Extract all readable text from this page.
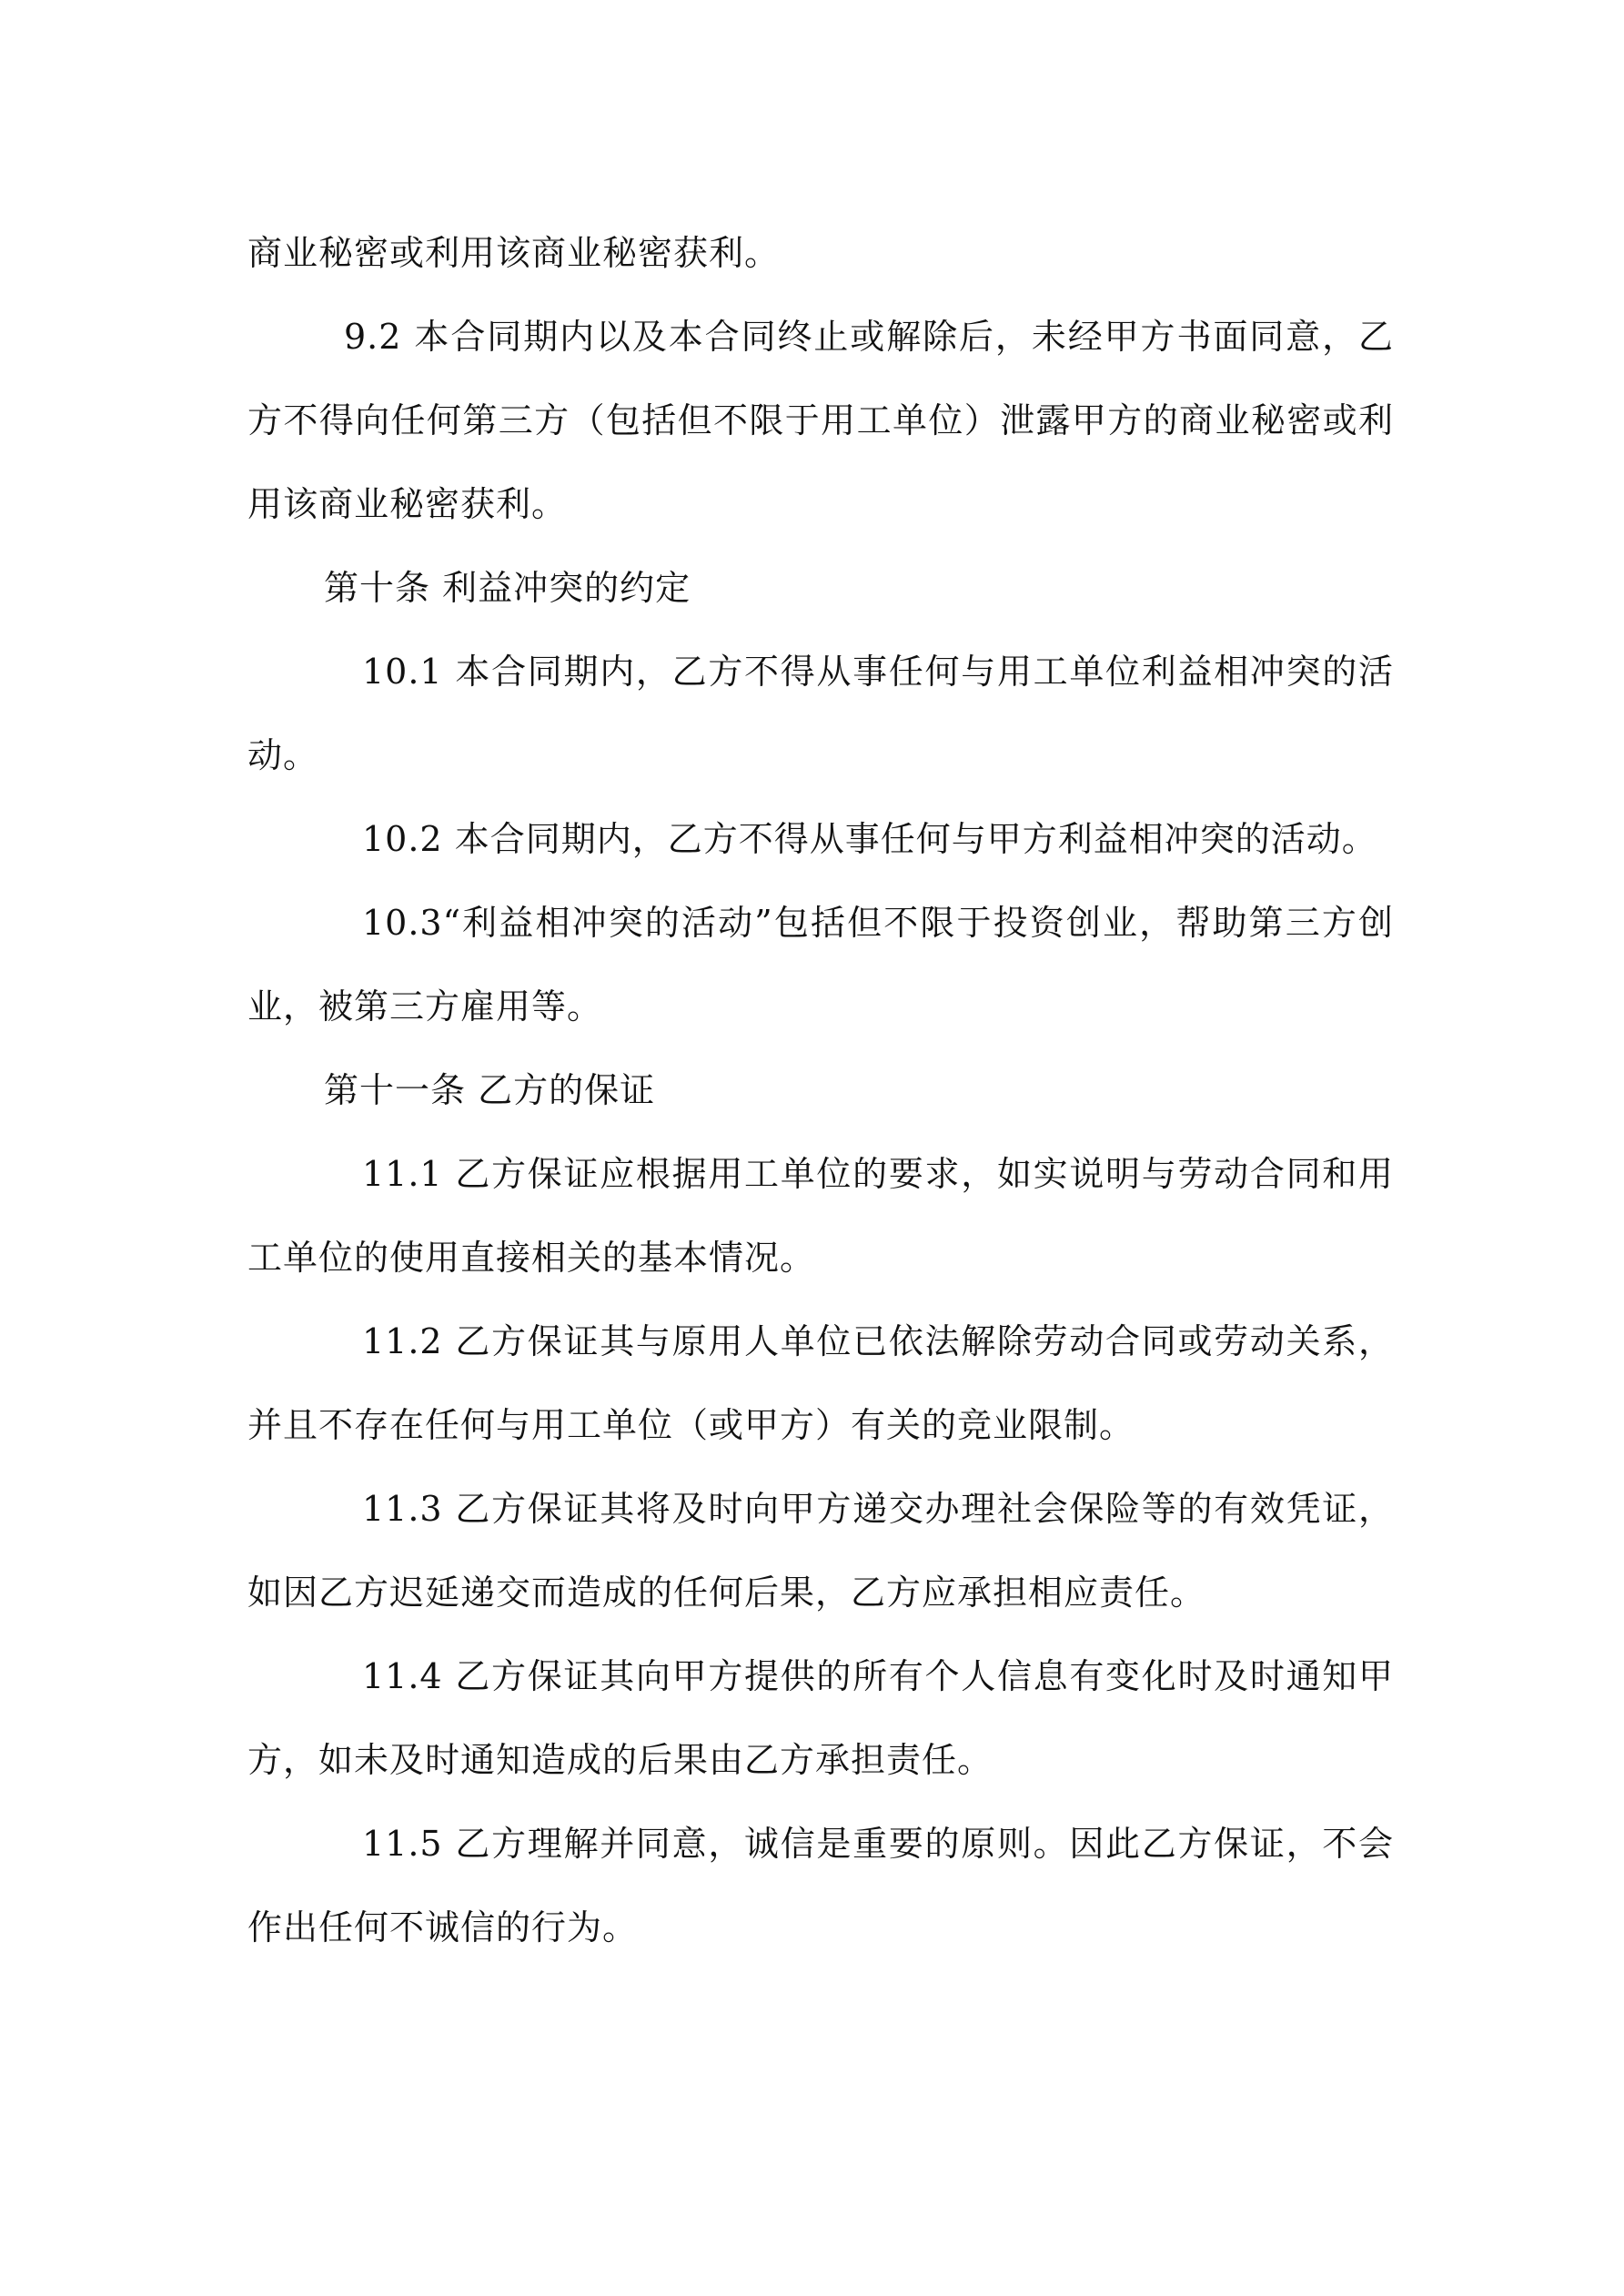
商业秘密或利用该商业秘密获利。

9.2 本合同期内以及本合同终止或解除后，未经甲方书面同意，乙方不得向任何第三方（包括但不限于用工单位）泄露甲方的商业秘密或利用该商业秘密获利。

第十条 利益冲突的约定

10.1 本合同期内，乙方不得从事任何与用工单位利益相冲突的活动。

10.2 本合同期内，乙方不得从事任何与甲方利益相冲突的活动。

10.3“利益相冲突的活动”包括但不限于投资创业，帮助第三方创业，被第三方雇用等。

第十一条 乙方的保证

11.1 乙方保证应根据用工单位的要求，如实说明与劳动合同和用工单位的使用直接相关的基本情况。

11.2 乙方保证其与原用人单位已依法解除劳动合同或劳动关系，并且不存在任何与用工单位（或甲方）有关的竞业限制。

11.3 乙方保证其将及时向甲方递交办理社会保险等的有效凭证，如因乙方迟延递交而造成的任何后果，乙方应承担相应责任。

11.4 乙方保证其向甲方提供的所有个人信息有变化时及时通知甲方，如未及时通知造成的后果由乙方承担责任。

11.5 乙方理解并同意，诚信是重要的原则。因此乙方保证，不会作出任何不诚信的行为。
